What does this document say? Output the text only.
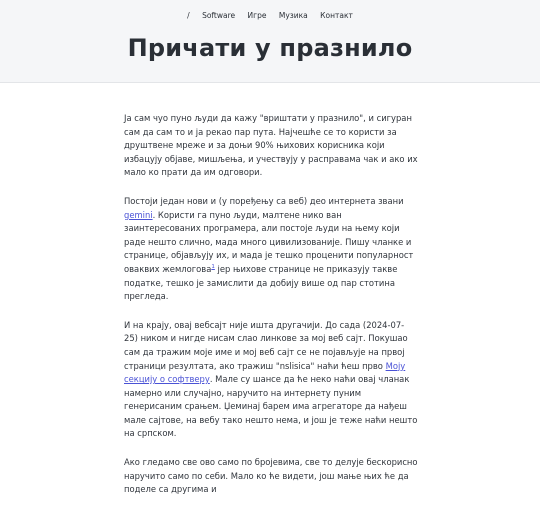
/ Software Игре Музика Контакт
Причати у празнило

Ја сам чуо пуно људи да кажу "вриштати у празнило", и сигуран сам да сам то и ја рекао пар пута. Најчешће се то користи за друштвене мреже и за доњи 90% њихових корисника који избацују објаве, мишљења, и учествују у расправама чак и ако их мало ко прати да им одговори.

Постоји један нови и (у поређењу са веб) део интернета звани gemini. Користи га пуно људи, малтене нико ван заинтересованих програмера, али постоје људи на њему који раде нешто слично, мада много цивилизованије. Пишу чланке и странице, објављују их, и мада је тешко проценити популарност оваквих жемлогова$^1$ јер њихове странице не приказују такве податке, тешко је замислити да добију више од пар стотина прегледа.

И на крају, овај вебсајт није ишта другачији. До сада (2024-07-25) ником и нигде нисам слао линкове за мој веб сајт. Покушао сам да тражим моје име и мој веб сајт се не појављује на првој страници резултата, ако тражиш "nslisica" наћи ћеш прво Моју секцију о софтверу. Мале су шансе да ће неко наћи овај чланак намерно или случајно, наручито на интернету пуним генерисаним срањем. Џеминај барем има агрегаторе да нађеш мале сајтове, на вебу тако нешто нема, и још је теже наћи нешто на српском.

Ако гледамо све ово само по бројевима, све то делује бескорисно наручито само по себи. Мало ко ће видети, још мање њих ће да поделе са другима и
